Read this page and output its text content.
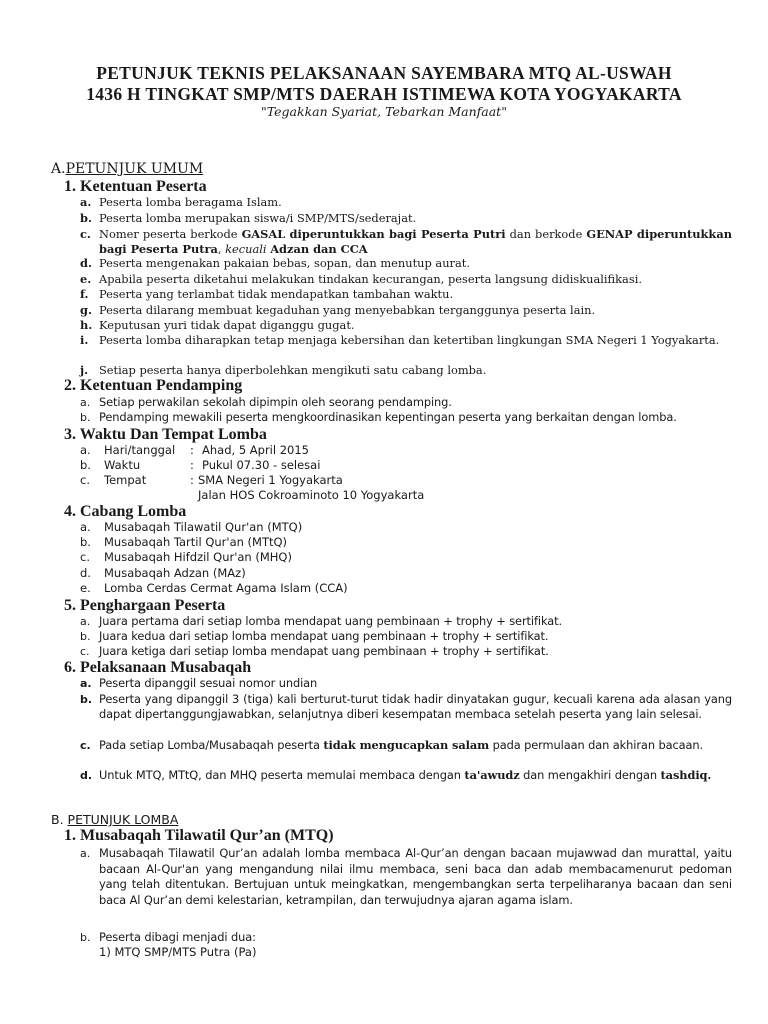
PETUNJUK TEKNIS PELAKSANAAN SAYEMBARA MTQ AL-USWAH
1436 H TINGKAT SMP/MTS DAERAH ISTIMEWA KOTA YOGYAKARTA
"Tegakkan Syariat, Tebarkan Manfaat"
A.PETUNJUK UMUM
1. Ketentuan Peserta
a. Peserta lomba beragama Islam.
b. Peserta lomba merupakan siswa/i SMP/MTS/sederajat.
c. Nomer peserta berkode GASAL diperuntukkan bagi Peserta Putri dan berkode GENAP diperuntukkan bagi Peserta Putra, kecuali Adzan dan CCA
d. Peserta mengenakan pakaian bebas, sopan, dan menutup aurat.
e. Apabila peserta diketahui melakukan tindakan kecurangan, peserta langsung didiskualifikasi.
f. Peserta yang terlambat tidak mendapatkan tambahan waktu.
g. Peserta dilarang membuat kegaduhan yang menyebabkan terganggunya peserta lain.
h. Keputusan yuri tidak dapat diganggu gugat.
i. Peserta lomba diharapkan tetap menjaga kebersihan dan ketertiban lingkungan SMA Negeri 1 Yogyakarta.
j. Setiap peserta hanya diperbolehkan mengikuti satu cabang lomba.
2. Ketentuan Pendamping
a. Setiap perwakilan sekolah dipimpin oleh seorang pendamping.
b. Pendamping mewakili peserta mengkoordinasikan kepentingan peserta yang berkaitan dengan lomba.
3. Waktu Dan Tempat Lomba
a. Hari/tanggal : Ahad, 5 April 2015
b. Waktu	: Pukul 07.30 - selesai
c. Tempat	: SMA Negeri 1 Yogyakarta
Jalan HOS Cokroaminoto 10 Yogyakarta
4. Cabang Lomba
a. Musabaqah Tilawatil Qur'an (MTQ)
b. Musabaqah Tartil Qur'an (MTtQ)
c. Musabaqah Hifdzil Qur'an (MHQ)
d. Musabaqah Adzan (MAz)
e. Lomba Cerdas Cermat Agama Islam (CCA)
5. Penghargaan Peserta
a. Juara pertama dari setiap lomba mendapat uang pembinaan + trophy + sertifikat.
b. Juara kedua dari setiap lomba mendapat uang pembinaan + trophy + sertifikat.
c. Juara ketiga dari setiap lomba mendapat uang pembinaan + trophy + sertifikat.
6. Pelaksanaan Musabaqah
a. Peserta dipanggil sesuai nomor undian
b. Peserta yang dipanggil 3 (tiga) kali berturut-turut tidak hadir dinyatakan gugur, kecuali karena ada alasan yang dapat dipertanggungjawabkan, selanjutnya diberi kesempatan membaca setelah peserta yang lain selesai.
c. Pada setiap Lomba/Musabaqah peserta tidak mengucapkan salam pada permulaan dan akhiran bacaan.
d. Untuk MTQ, MTtQ, dan MHQ peserta memulai membaca dengan ta'awudz dan mengakhiri dengan tashdiq.
B. PETUNJUK LOMBA
1. Musabaqah Tilawatil Qur’an (MTQ)
a. Musabaqah Tilawatil Qur’an adalah lomba membaca Al-Qur’an dengan bacaan mujawwad dan murattal, yaitu bacaan Al-Qur'an yang mengandung nilai ilmu membaca, seni baca dan adab membacamenurut pedoman yang telah ditentukan. Bertujuan untuk meingkatkan, mengembangkan serta terpeliharanya bacaan dan seni baca Al Qur’an demi kelestarian, ketrampilan, dan terwujudnya ajaran agama islam.
b. Peserta dibagi menjadi dua:
1) MTQ SMP/MTS Putra (Pa)
